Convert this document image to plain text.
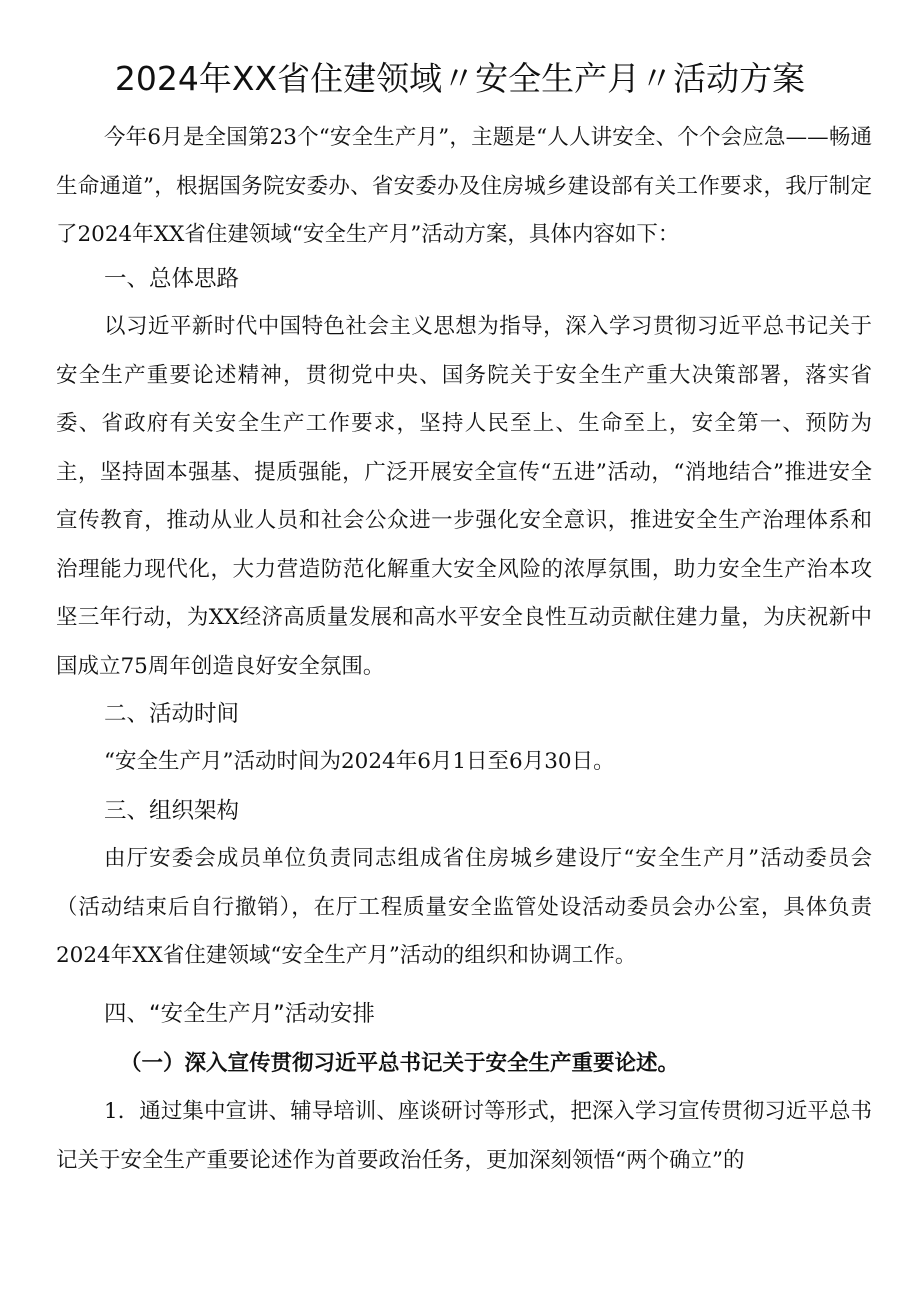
2024年XX省住建领域〃安全生产月〃活动方案

今年6月是全国第23个“安全生产月”，主题是“人人讲安全、个个会应急——畅通生命通道”，根据国务院安委办、省安委办及住房城乡建设部有关工作要求，我厅制定了2024年XX省住建领域“安全生产月”活动方案，具体内容如下：

一、总体思路

以习近平新时代中国特色社会主义思想为指导，深入学习贯彻习近平总书记关于安全生产重要论述精神，贯彻党中央、国务院关于安全生产重大决策部署，落实省委、省政府有关安全生产工作要求，坚持人民至上、生命至上，安全第一、预防为主，坚持固本强基、提质强能，广泛开展安全宣传“五进”活动，“消地结合”推进安全宣传教育，推动从业人员和社会公众进一步强化安全意识，推进安全生产治理体系和治理能力现代化，大力营造防范化解重大安全风险的浓厚氛围，助力安全生产治本攻坚三年行动，为XX经济高质量发展和高水平安全良性互动贡献住建力量，为庆祝新中国成立75周年创造良好安全氛围。

二、活动时间

“安全生产月”活动时间为2024年6月1日至6月30日。

三、组织架构

由厅安委会成员单位负责同志组成省住房城乡建设厅“安全生产月”活动委员会（活动结束后自行撤销），在厅工程质量安全监管处设活动委员会办公室，具体负责2024年XX省住建领域“安全生产月”活动的组织和协调工作。

四、“安全生产月”活动安排
（一）深入宣传贯彻习近平总书记关于安全生产重要论述。

1．通过集中宣讲、辅导培训、座谈研讨等形式，把深入学习宣传贯彻习近平总书记关于安全生产重要论述作为首要政治任务，更加深刻领悟“两个确立”的
